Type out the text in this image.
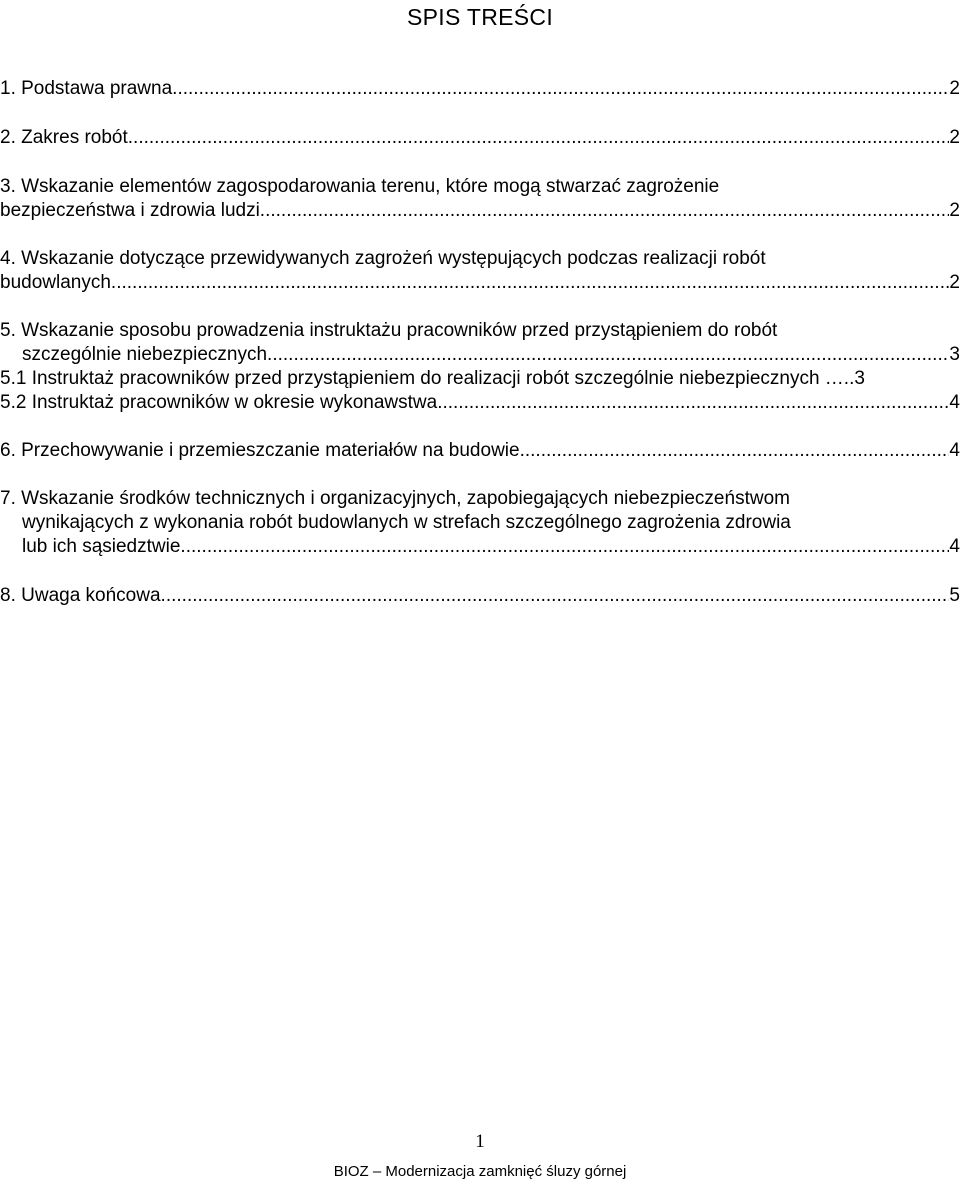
SPIS TREŚCI
1. Podstawa prawna .....	2
2. Zakres robót .....	2
3. Wskazanie elementów zagospodarowania terenu, które mogą stwarzać zagrożenie
bezpieczeństwa i zdrowia ludzi .....	2
4. Wskazanie dotyczące przewidywanych zagrożeń występujących podczas realizacji robót
budowlanych. .....	2
5. Wskazanie sposobu prowadzenia instruktażu pracowników przed przystąpieniem do robót
szczególnie niebezpiecznych .....	3
5.1 Instruktaż pracowników przed przystąpieniem do realizacji robót szczególnie niebezpiecznych ….. 3
5.2 Instruktaż pracowników w okresie wykonawstwa .....	4
6. Przechowywanie i przemieszczanie materiałów na budowie .....	4
7. Wskazanie środków technicznych i organizacyjnych, zapobiegających niebezpieczeństwom
wynikających z wykonania robót budowlanych w strefach szczególnego zagrożenia zdrowia
lub ich sąsiedztwie .....	4
8. Uwaga końcowa. .....	5
1
BIOZ – Modernizacja zamknięć śluzy górnej
